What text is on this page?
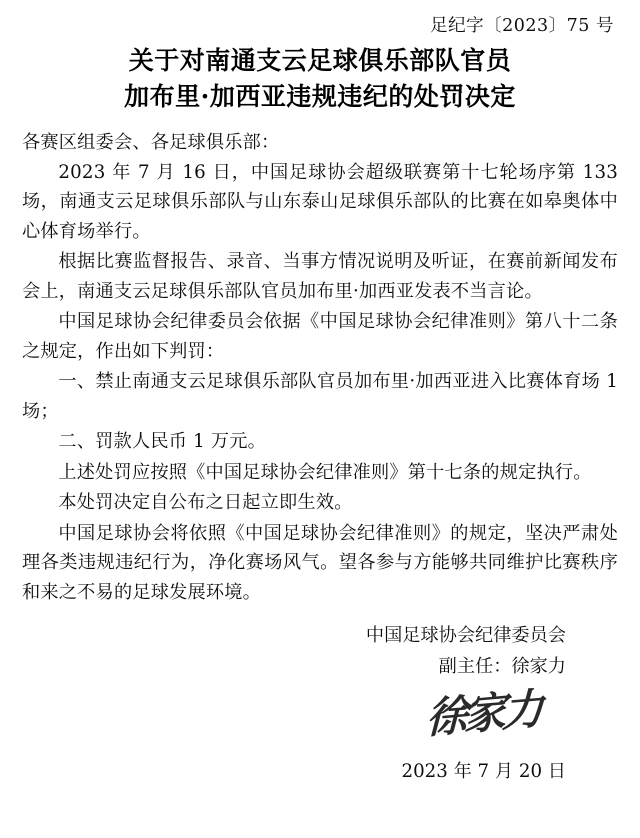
足纪字〔2023〕75 号
关于对南通支云足球俱乐部队官员
加布里·加西亚违规违纪的处罚决定

各赛区组委会、各足球俱乐部：

2023 年 7 月 16 日，中国足球协会超级联赛第十七轮场序第 133 场，南通支云足球俱乐部队与山东泰山足球俱乐部队的比赛在如皋奥体中心体育场举行。

根据比赛监督报告、录音、当事方情况说明及听证，在赛前新闻发布会上，南通支云足球俱乐部队官员加布里·加西亚发表不当言论。

中国足球协会纪律委员会依据《中国足球协会纪律准则》第八十二条之规定，作出如下判罚：

一、禁止南通支云足球俱乐部队官员加布里·加西亚进入比赛体育场 1 场；

二、罚款人民币 1 万元。

上述处罚应按照《中国足球协会纪律准则》第十七条的规定执行。

本处罚决定自公布之日起立即生效。

中国足球协会将依照《中国足球协会纪律准则》的规定，坚决严肃处理各类违规违纪行为，净化赛场风气。望各参与方能够共同维护比赛秩序和来之不易的足球发展环境。

中国足球协会纪律委员会
副主任：徐家力
徐家力
2023 年 7 月 20 日
